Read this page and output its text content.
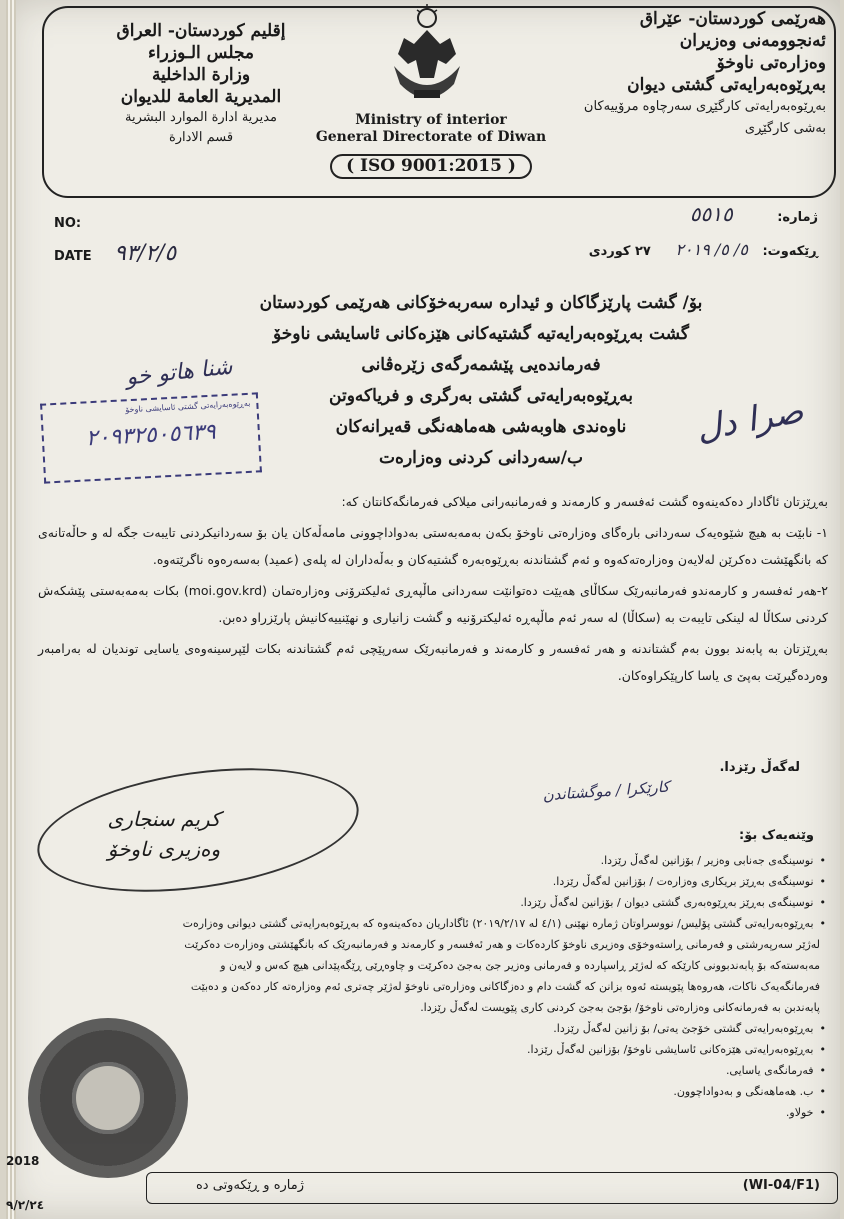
إقليم كوردستان- العراق
مجلس الـوزراء
وزارة الداخلية
المديرية العامة للديوان
مديرية ادارة الموارد البشرية
قسم الادارة
Ministry of interior
General Directorate of Diwan
( ISO 9001:2015 )
هەرێمی کوردستان- عێراق
ئەنجوومەنی وەزیران
وەزارەتی ناوخۆ
بەڕێوەبەرایەتی گشتی دیوان
بەڕێوەبەرایەتی کارگێڕی سەرچاوە مرۆییەکان
بەشی کارگێڕی
NO:
DATE ٩٣/٢/٥
ژمارە: ٥٥١٥
ڕێکەوت: ٥/ ٥/ ٢٠١٩ ٢٧ کوردی
شنا هاتو خو
صرا دل
بەڕێوەبەرایەتی گشتی ئاسایشی ناوخۆ
٢٠٩٣٢٥٠٥٦٣٩
بۆ/ گشت پارێزگاکان و ئیدارە سەربەخۆکانی هەرێمی کوردستان
گشت بەڕێوەبەرایەتیە گشتیەکانی هێزەکانی ئاسایشی ناوخۆ
فەرماندەیی پێشمەرگەی زێرەڤانی
بەڕێوەبەرایەتی گشتی بەرگری و فریاکەوتن
ناوەندی هاوبەشی هەماهەنگی قەیرانەکان
ب/سەردانی کردنی وەزارەت

بەڕێزتان ئاگادار دەکەینەوە گشت ئەفسەر و کارمەند و فەرمانبەرانی میلاکی فەرمانگەکانتان کە:

١- نابێت بە هیچ شێوەیەک سەردانی بارەگای وەزارەتی ناوخۆ بکەن بەمەبەستی بەدواداچوونی مامەڵەکان یان بۆ سەردانیکردنی تایبەت جگە لە و حاڵەتانەی کە بانگهێشت دەکرێن لەلایەن وەزارەتەکەوە و ئەم گشتاندنە بەڕێوەبەرە گشتیەکان و بەڵەداران لە پلەی (عمید) بەسەرەوە ناگرێتەوە.

٢-هەر ئەفسەر و کارمەندو فەرمانبەرێک سکاڵای هەیێت دەتوانێت سەردانی ماڵپەڕی ئەلیکترۆنی وەزارەتمان (moi.gov.krd) بکات بەمەبەستی پێشکەش کردنی سکاڵا لە لینکی تایبەت بە (سکاڵا) لە سەر ئەم ماڵپەڕە ئەلیکترۆنیە و گشت زانیاری و نهێنییەکانیش پارێزراو دەبن.

بەڕێزتان بە پابەند بوون بەم گشتاندنە و هەر ئەفسەر و کارمەند و فەرمانبەرێک سەرپێچی ئەم گشتاندنە بکات لێپرسینەوەی یاسایی توندیان لە بەرامبەر وەردەگیرێت بەپێ ی یاسا کارپێکراوەکان.

لەگەڵ رێزدا.
کریم سنجاری
وەزیری ناوخۆ
کارێکرا / موگشتاندن
وێنەیەک بۆ:
• نوسینگەی جەنابی وەزیر / بۆزانین لەگەڵ رێزدا.
• نوسینگەی بەڕێز بریکاری وەزارەت / بۆزانین لەگەڵ رێزدا.
• نوسینگەی بەڕێز بەڕێوەبەری گشتی دیوان / بۆزانین لەگەڵ رێزدا.
• بەڕێوەبەرایەتی گشتی پۆلیس/ نووسراوتان ژمارە نهێنی (٤/١ لە ٢٠١٩/٢/١٧) ئاگاداریان دەکەینەوە کە بەڕێوەبەرایەتی گشتی دیوانی وەزارەت
لەژێر سەرپەرشتی و فەرمانی ڕاستەوخۆی وەزیری ناوخۆ کاردەکات و هەر ئەفسەر و کارمەند و فەرمانبەرێک کە بانگهێشتی وەزارەت دەکرێت
مەبەستەکە بۆ پابەندبوونی کارێکە کە لەژێر ڕاسپاردە و فەرمانی وەزیر جێ بەجێ دەکرێت و چاوەڕێی ڕێگەپێدانی هیچ کەس و لایەن و
فەرمانگەیەک ناکات، هەروەها پێویستە ئەوە بزانن کە گشت دام و دەزگاکانی وەزارەتی ناوخۆ لەژێر چەتری ئەم وەزارەتە کار دەکەن و دەبێت
پابەندبن بە فەرمانەکانی وەزارەتی ناوخۆ/ بۆجێ بەجێ کردنی کاری پێویست لەگەڵ رێزدا.
• بەڕێوەبەرایەتی گشتی خۆجێ یەتی/ بۆ زانین لەگەڵ رێزدا.
• بەڕێوەبەرایەتی هێزەکانی ئاسایشی ناوخۆ/ بۆزانین لەگەڵ رێزدا.
• فەرمانگەی یاسایی.
• ب. هەماهەنگی و بەدواداچوون.
• خولاو.
(WI-04/F1)
ژمارە و ڕێکەوتی دە
2018
٩/٢/٢٤
